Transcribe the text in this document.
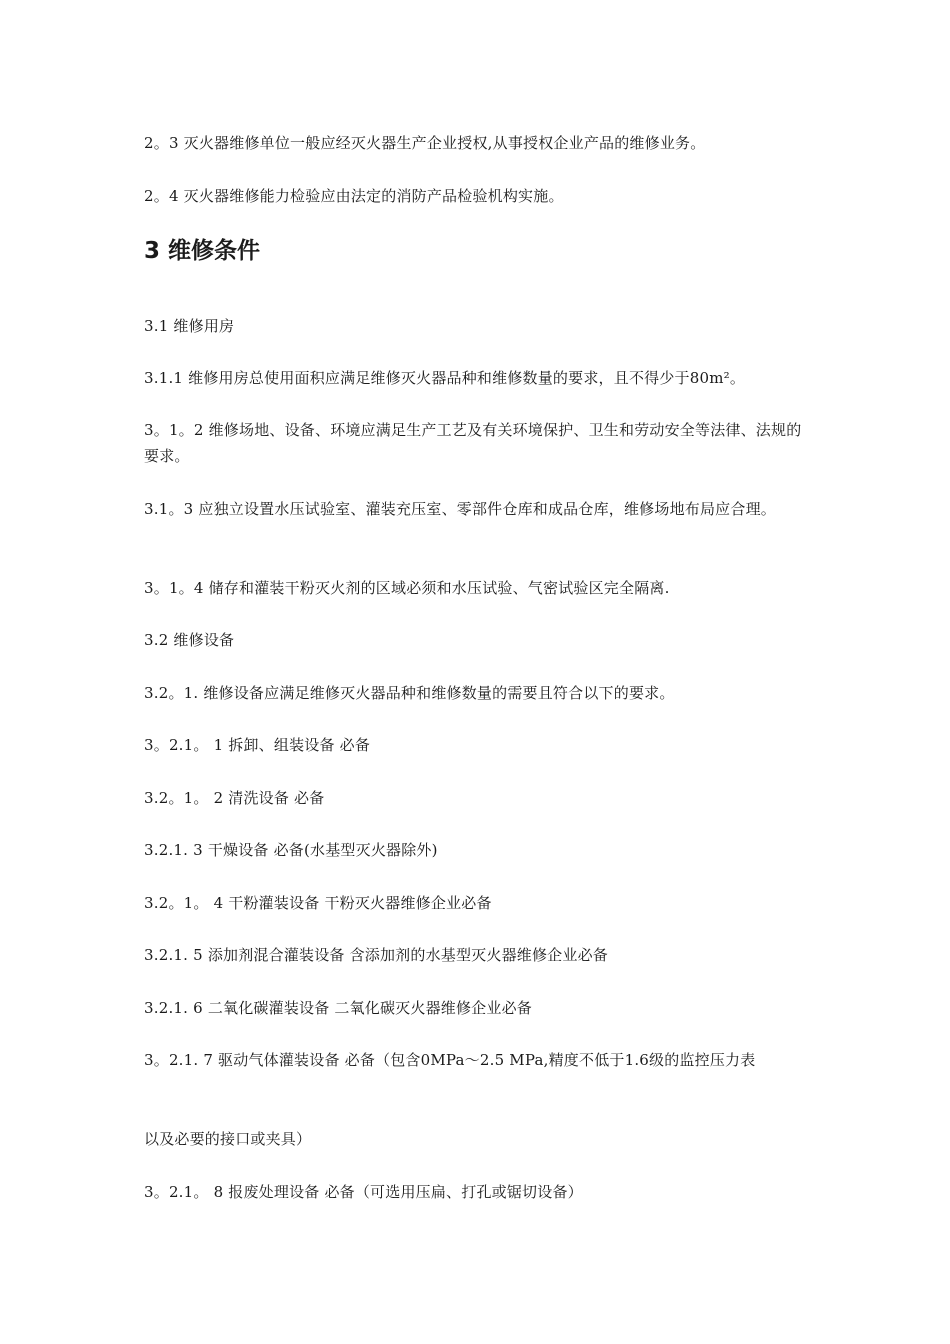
2。3 灭火器维修单位一般应经灭火器生产企业授权,从事授权企业产品的维修业务。
2。4 灭火器维修能力检验应由法定的消防产品检验机构实施。
3 维修条件
3.1 维修用房
3.1.1 维修用房总使用面积应满足维修灭火器品种和维修数量的要求，且不得少于80m²。
3。1。2 维修场地、设备、环境应满足生产工艺及有关环境保护、卫生和劳动安全等法律、法规的要求。
3.1。3 应独立设置水压试验室、灌装充压室、零部件仓库和成品仓库，维修场地布局应合理。
3。1。4 储存和灌装干粉灭火剂的区域必须和水压试验、气密试验区完全隔离.
3.2 维修设备
3.2。1. 维修设备应满足维修灭火器品种和维修数量的需要且符合以下的要求。
3。2.1。 1 拆卸、组装设备 必备
3.2。1。 2 清洗设备 必备
3.2.1. 3 干燥设备 必备(水基型灭火器除外)
3.2。1。 4 干粉灌装设备 干粉灭火器维修企业必备
3.2.1. 5 添加剂混合灌装设备 含添加剂的水基型灭火器维修企业必备
3.2.1. 6 二氧化碳灌装设备 二氧化碳灭火器维修企业必备
3。2.1. 7 驱动气体灌装设备 必备（包含0MPa～2.5 MPa,精度不低于1.6级的监控压力表
以及必要的接口或夹具）
3。2.1。 8 报废处理设备 必备（可选用压扁、打孔或锯切设备）
